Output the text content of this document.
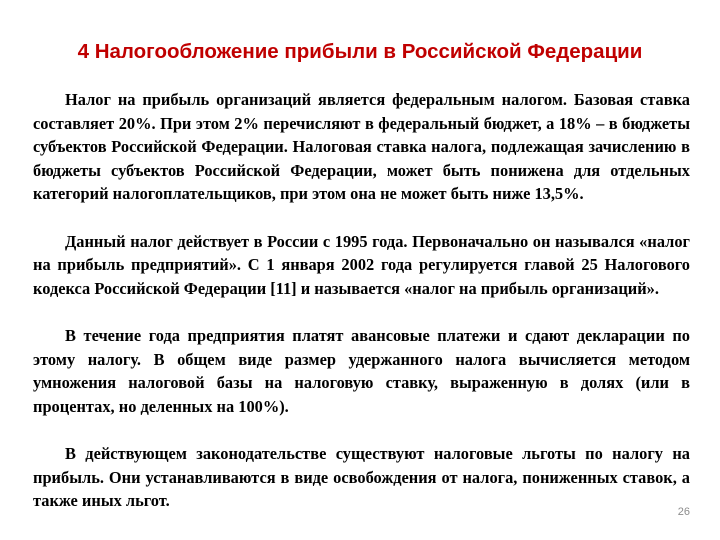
4 Налогообложение прибыли в Российской Федерации

Налог на прибыль организаций является федеральным налогом. Базовая ставка составляет 20%. При этом 2% перечисляют в федеральный бюджет, а 18% – в бюджеты субъектов Российской Федерации. Налоговая ставка налога, подлежащая зачислению в бюджеты субъектов Российской Федерации, может быть понижена для отдельных категорий налогоплательщиков, при этом она не может быть ниже 13,5%.

Данный налог действует в России с 1995 года. Первоначально он назывался «налог на прибыль предприятий». С 1 января 2002 года регулируется главой 25 Налогового кодекса Российской Федерации [11] и называется «налог на прибыль организаций».

В течение года предприятия платят авансовые платежи и сдают декларации по этому налогу. В общем виде размер удержанного налога вычисляется методом умножения налоговой базы на налоговую ставку, выраженную в долях (или в процентах, но деленных на 100%).

В действующем законодательстве существуют налоговые льготы по налогу на прибыль. Они устанавливаются в виде освобождения от налога, пониженных ставок, а также иных льгот.

26
